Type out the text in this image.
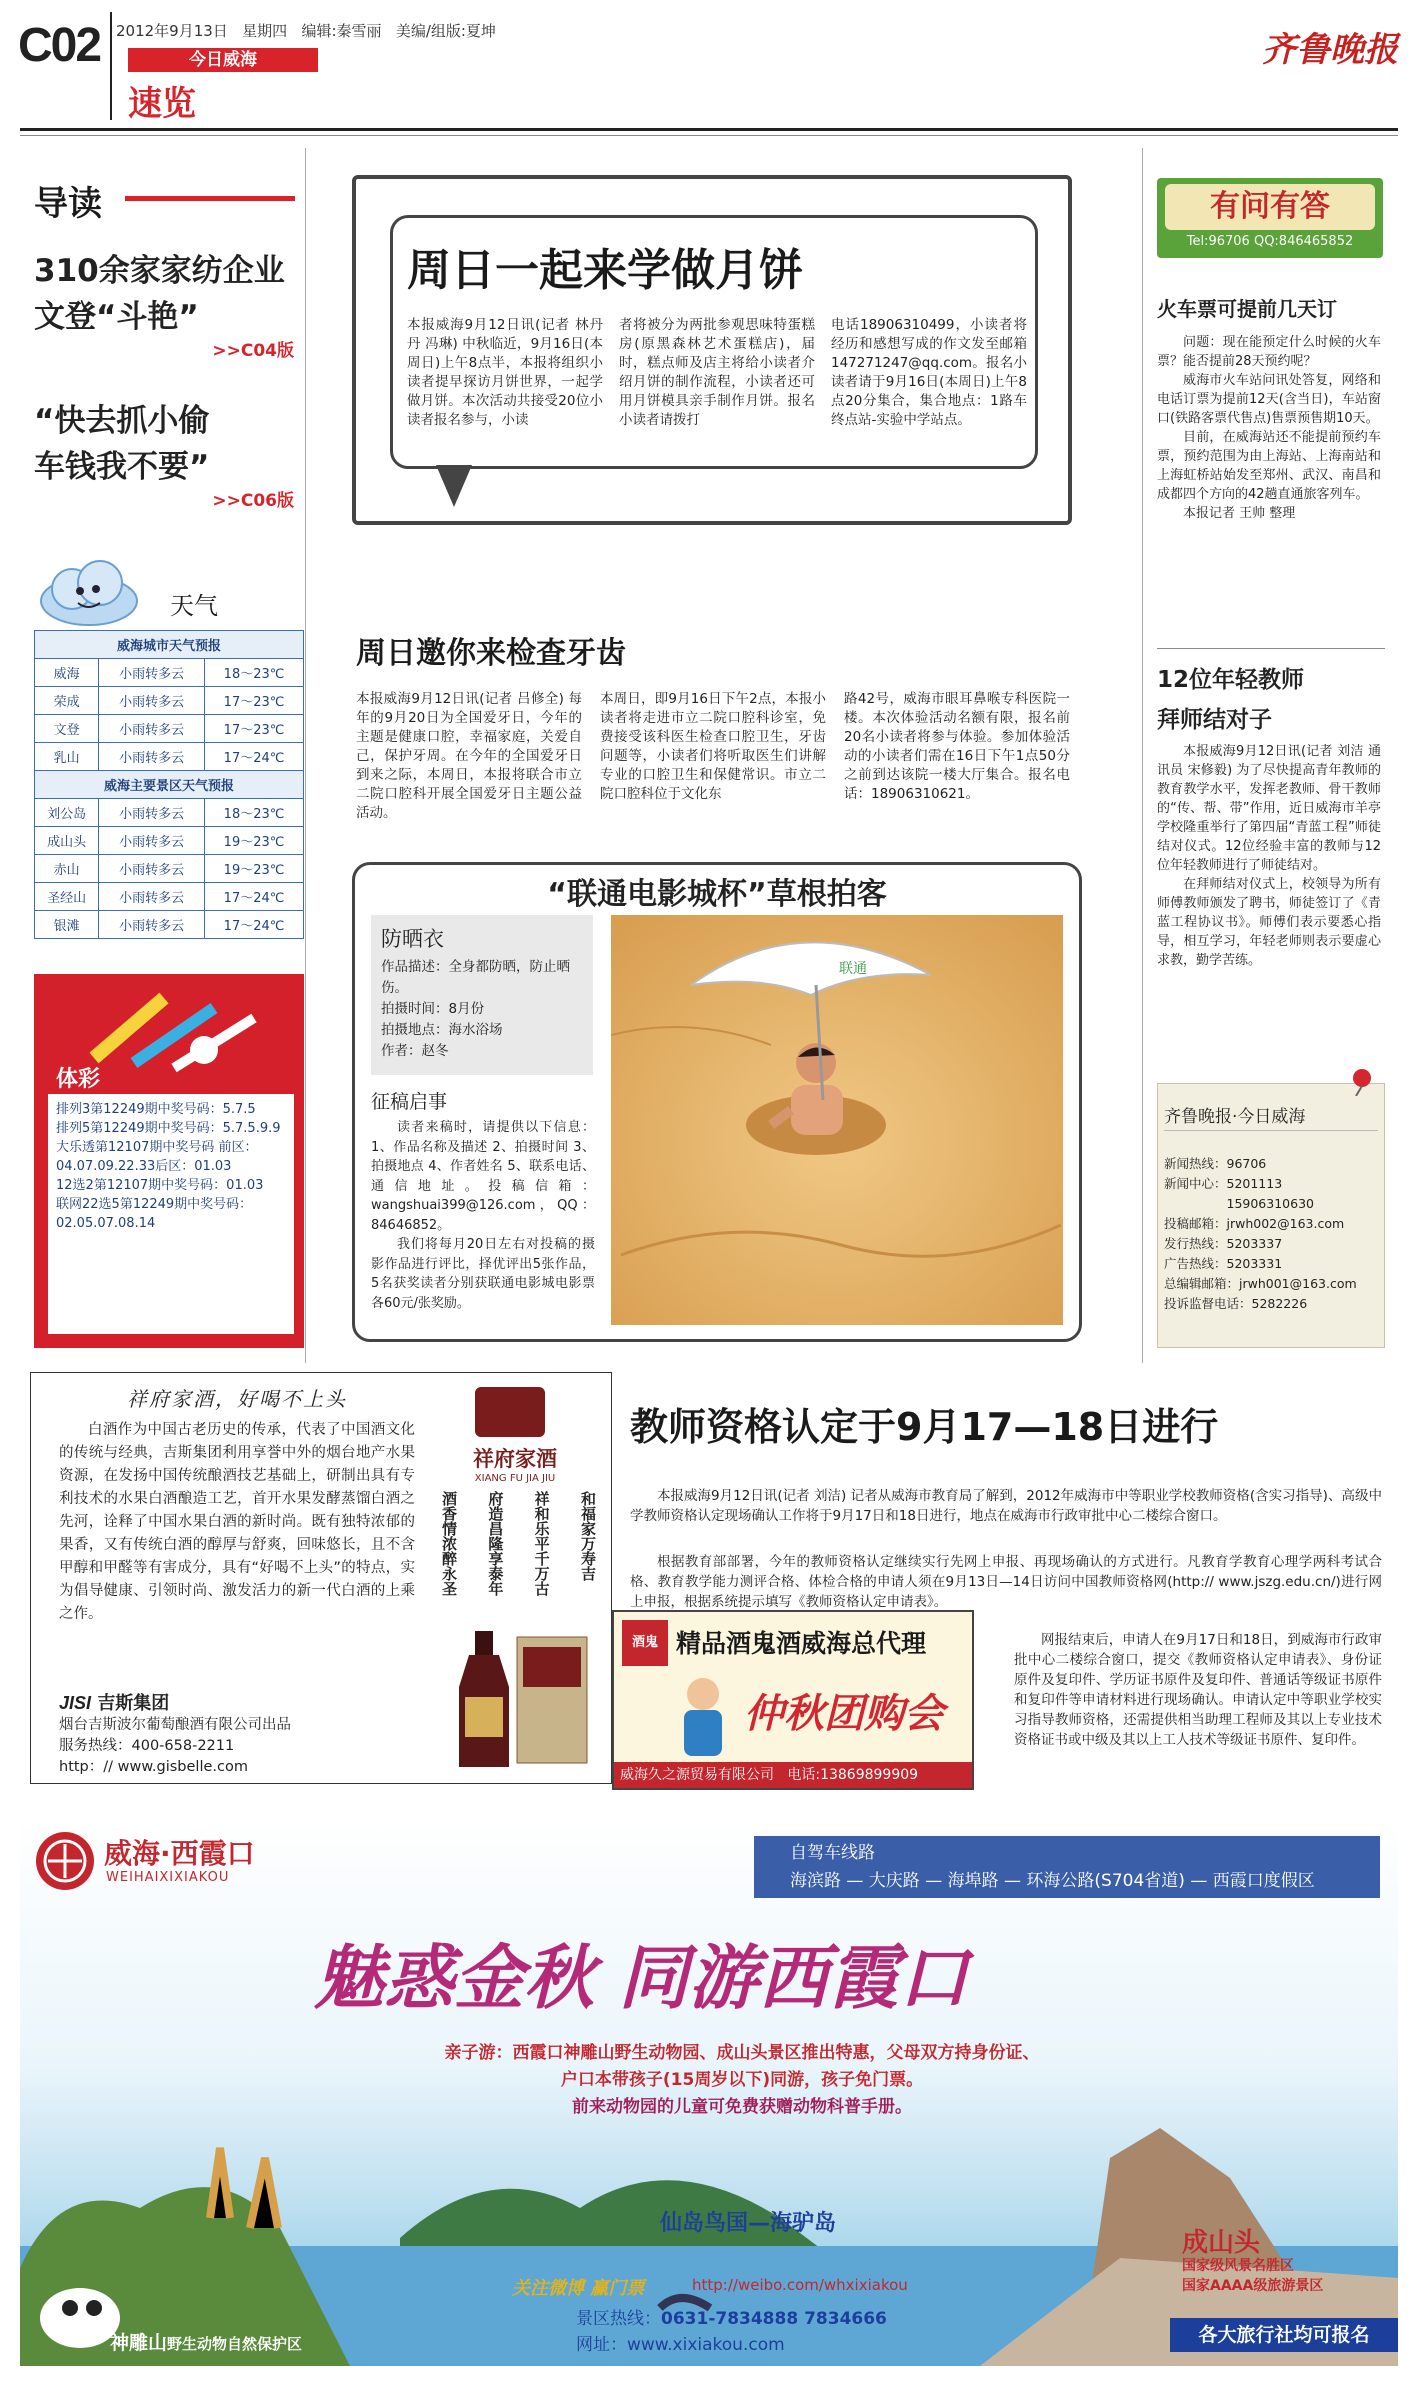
C02 2012年9月13日 星期四 编辑:秦雪丽 美编/组版:夏坤
今日威海
速览
齐鲁晚报
导读
310余家家纺企业
文登“斗艳”
>>C04版
“快去抓小偷
车钱我不要”
>>C06版
天气
威海城市天气预报		
威海	小雨转多云	18～23℃
荣成	小雨转多云	17～23℃
文登	小雨转多云	17～23℃
乳山	小雨转多云	17～24℃
威海主要景区天气预报		
刘公岛	小雨转多云	18～23℃
成山头	小雨转多云	19～23℃
赤山	小雨转多云	19～23℃
圣经山	小雨转多云	17～24℃
银滩	小雨转多云	17～24℃
体彩

排列3第12249期中奖号码：5.7.5

排列5第12249期中奖号码：5.7.5.9.9

大乐透第12107期中奖号码 前区：04.07.09.22.33后区：01.03

12选2第12107期中奖号码：01.03

联网22选5第12249期中奖号码：02.05.07.08.14

周日一起来学做月饼
本报威海9月12日讯(记者 林丹丹 冯琳) 中秋临近，9月16日(本周日)上午8点半，本报将组织小读者提早探访月饼世界，一起学做月饼。本次活动共接受20位小读者报名参与，小读
者将被分为两批参观思味特蛋糕房(原黑森林艺术蛋糕店)，届时，糕点师及店主将给小读者介绍月饼的制作流程，小读者还可用月饼模具亲手制作月饼。报名小读者请拨打
电话18906310499，小读者将经历和感想写成的作文发至邮箱147271247@qq.com。报名小读者请于9月16日(本周日)上午8点20分集合，集合地点：1路车终点站-实验中学站点。
周日邀你来检查牙齿
本报威海9月12日讯(记者 吕修全) 每年的9月20日为全国爱牙日，今年的主题是健康口腔，幸福家庭，关爱自己，保护牙周。在今年的全国爱牙日到来之际，本周日，本报将联合市立二院口腔科开展全国爱牙日主题公益活动。
本周日，即9月16日下午2点，本报小读者将走进市立二院口腔科诊室，免费接受该科医生检查口腔卫生，牙齿问题等，小读者们将听取医生们讲解专业的口腔卫生和保健常识。市立二院口腔科位于文化东
路42号，威海市眼耳鼻喉专科医院一楼。本次体验活动名额有限，报名前20名小读者将参与体验。参加体验活动的小读者们需在16日下午1点50分之前到达该院一楼大厅集合。报名电话：18906310621。
“联通电影城杯”草根拍客
防晒衣
作品描述：全身都防晒，防止晒伤。
拍摄时间：8月份
拍摄地点：海水浴场
作者：赵冬
征稿启事

读者来稿时，请提供以下信息：1、作品名称及描述 2、拍摄时间 3、拍摄地点 4、作者姓名 5、联系电话、通信地址。投稿信箱：wangshuai399@126.com，QQ：84646852。

我们将每月20日左右对投稿的摄影作品进行评比，择优评出5张作品，5名获奖读者分别获联通电影城电影票各60元/张奖励。

联通
有问有答
Tel:96706 QQ:846465852
火车票可提前几天订

问题：现在能预定什么时候的火车票？能否提前28天预约呢？

威海市火车站问讯处答复，网络和电话订票为提前12天(含当日)，车站窗口(铁路客票代售点)售票预售期10天。

目前，在威海站还不能提前预约车票，预约范围为由上海站、上海南站和上海虹桥站始发至郑州、武汉、南昌和成都四个方向的42趟直通旅客列车。

本报记者 王帅 整理

12位年轻教师
拜师结对子

本报威海9月12日讯(记者 刘洁 通讯员 宋修毅) 为了尽快提高青年教师的教育教学水平，发挥老教师、骨干教师的“传、帮、带”作用，近日威海市羊亭学校隆重举行了第四届“青蓝工程”师徒结对仪式。12位经验丰富的教师与12位年轻教师进行了师徒结对。

在拜师结对仪式上，校领导为所有师傅教师颁发了聘书，师徒签订了《青蓝工程协议书》。师傅们表示要悉心指导，相互学习，年轻老师则表示要虚心求教，勤学苦练。

齐鲁晚报·今日威海

新闻热线：96706

新闻中心：5201113

15906310630

投稿邮箱：jrwh002@163.com

发行热线：5203337

广告热线：5203331

总编辑邮箱：jrwh001@163.com

投诉监督电话：5282226

祥府家酒，好喝不上头
白酒作为中国古老历史的传承，代表了中国酒文化的传统与经典，吉斯集团利用享誉中外的烟台地产水果资源，在发扬中国传统酿酒技艺基础上，研制出具有专利技术的水果白酒酿造工艺，首开水果发酵蒸馏白酒之先河，诠释了中国水果白酒的新时尚。既有独特浓郁的果香，又有传统白酒的醇厚与舒爽，回味悠长，且不含甲醇和甲醛等有害成分，具有“好喝不上头”的特点，实为倡导健康、引领时尚、激发活力的新一代白酒的上乘之作。
JISI 吉斯集团
烟台吉斯波尔葡萄酿酒有限公司出品
服务热线：400-658-2211
http：// www.gisbelle.com
祥府家酒
XIANG FU JIA JIU
酒香情浓醉永圣 府造昌隆享泰年 祥和乐平千万古 和福家万寿吉
教师资格认定于9月17—18日进行
本报威海9月12日讯(记者 刘洁) 记者从威海市教育局了解到，2012年威海市中等职业学校教师资格(含实习指导)、高级中学教师资格认定现场确认工作将于9月17日和18日进行，地点在威海市行政审批中心二楼综合窗口。

根据教育部部署，今年的教师资格认定继续实行先网上申报、再现场确认的方式进行。凡教育学教育心理学两科考试合格、教育教学能力测评合格、体检合格的申请人须在9月13日—14日访问中国教师资格网(http:// www.jszg.edu.cn/)进行网上申报，根据系统提示填写《教师资格认定申请表》。

网报结束后，申请人在9月17日和18日，到威海市行政审批中心二楼综合窗口，提交《教师资格认定申请表》、身份证原件及复印件、学历证书原件及复印件、普通话等级证书原件和复印件等申请材料进行现场确认。申请认定中等职业学校实习指导教师资格，还需提供相当助理工程师及其以上专业技术资格证书或中级及其以上工人技术等级证书原件、复印件。

酒鬼 精品酒鬼酒威海总代理
仲秋团购会
威海久之源贸易有限公司 电话:13869899909
威海·西霞口
WEIHAIXIXIAKOU
自驾车线路
海滨路 — 大庆路 — 海埠路 — 环海公路(S704省道) — 西霞口度假区
魅惑金秋 同游西霞口
亲子游：西霞口神雕山野生动物园、成山头景区推出特惠，父母双方持身份证、
户口本带孩子(15周岁以下)同游，孩子免门票。
前来动物园的儿童可免费获赠动物科普手册。
仙岛鸟国—海驴岛
关注微博 赢门票	http://weibo.com/whxixiakou
景区热线：0631-7834888 7834666
网址：www.xixiakou.com
神雕山野生动物自然保护区
成山头
国家级风景名胜区
国家AAAA级旅游景区
各大旅行社均可报名
